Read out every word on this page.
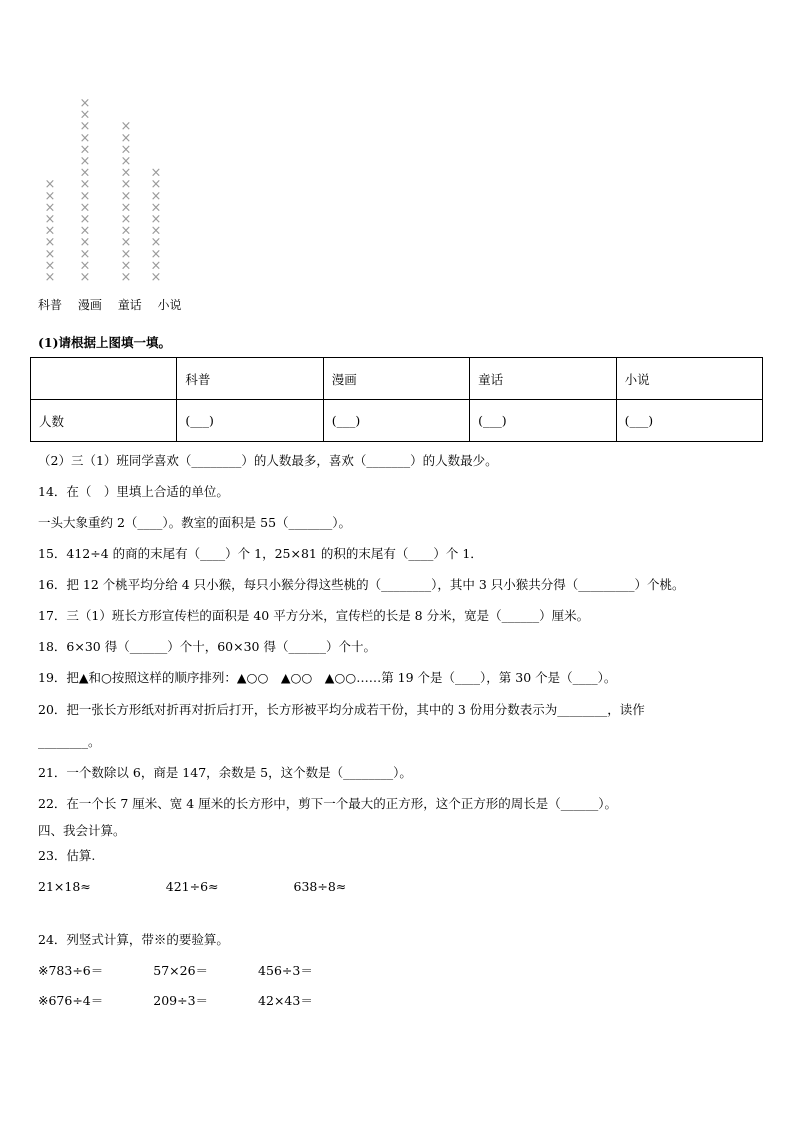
×
×
×
×
×
×
×
×
×
×
×
×
×
×
×
×
×
×
×
×
×
×
×
×
×
×
×
×
×
×
×
×
×
×
×
×
×
×
×
×
×
×
×
×
×
×
×
×
×
科普 漫画 童话 小说
(1)请根据上图填一填。
	科普	漫画	童话	小说
人数	(___)	(___)	(___)	(___)
（2）三（1）班同学喜欢（________）的人数最多，喜欢（_______）的人数最少。
14．在（　）里填上合适的单位。
一头大象重约 2（____）。教室的面积是 55（_______）。
15．412÷4 的商的末尾有（____）个 1，25×81 的积的末尾有（____）个 1．
16．把 12 个桃平均分给 4 只小猴，每只小猴分得这些桃的（________），其中 3 只小猴共分得（_________）个桃。
17．三（1）班长方形宣传栏的面积是 40 平方分米，宣传栏的长是 8 分米，宽是（______）厘米。
18．6×30 得（______）个十，60×30 得（______）个十。
19．把▲和○按照这样的顺序排列：▲○○　▲○○　▲○○……第 19 个是（____），第 30 个是（____）。
20．把一张长方形纸对折再对折后打开，长方形被平均分成若干份，其中的 3 份用分数表示为________，读作
________。
21．一个数除以 6，商是 147，余数是 5，这个数是（________）。
22．在一个长 7 厘米、宽 4 厘米的长方形中，剪下一个最大的正方形，这个正方形的周长是（______）。
四、我会计算。
23．估算.
21×18≈　　　　　　421÷6≈　　　　　　638÷8≈
24．列竖式计算，带※的要验算。
※783÷6＝　　　　57×26＝　　　　456÷3＝
※676÷4＝　　　　209÷3＝　　　　42×43＝
